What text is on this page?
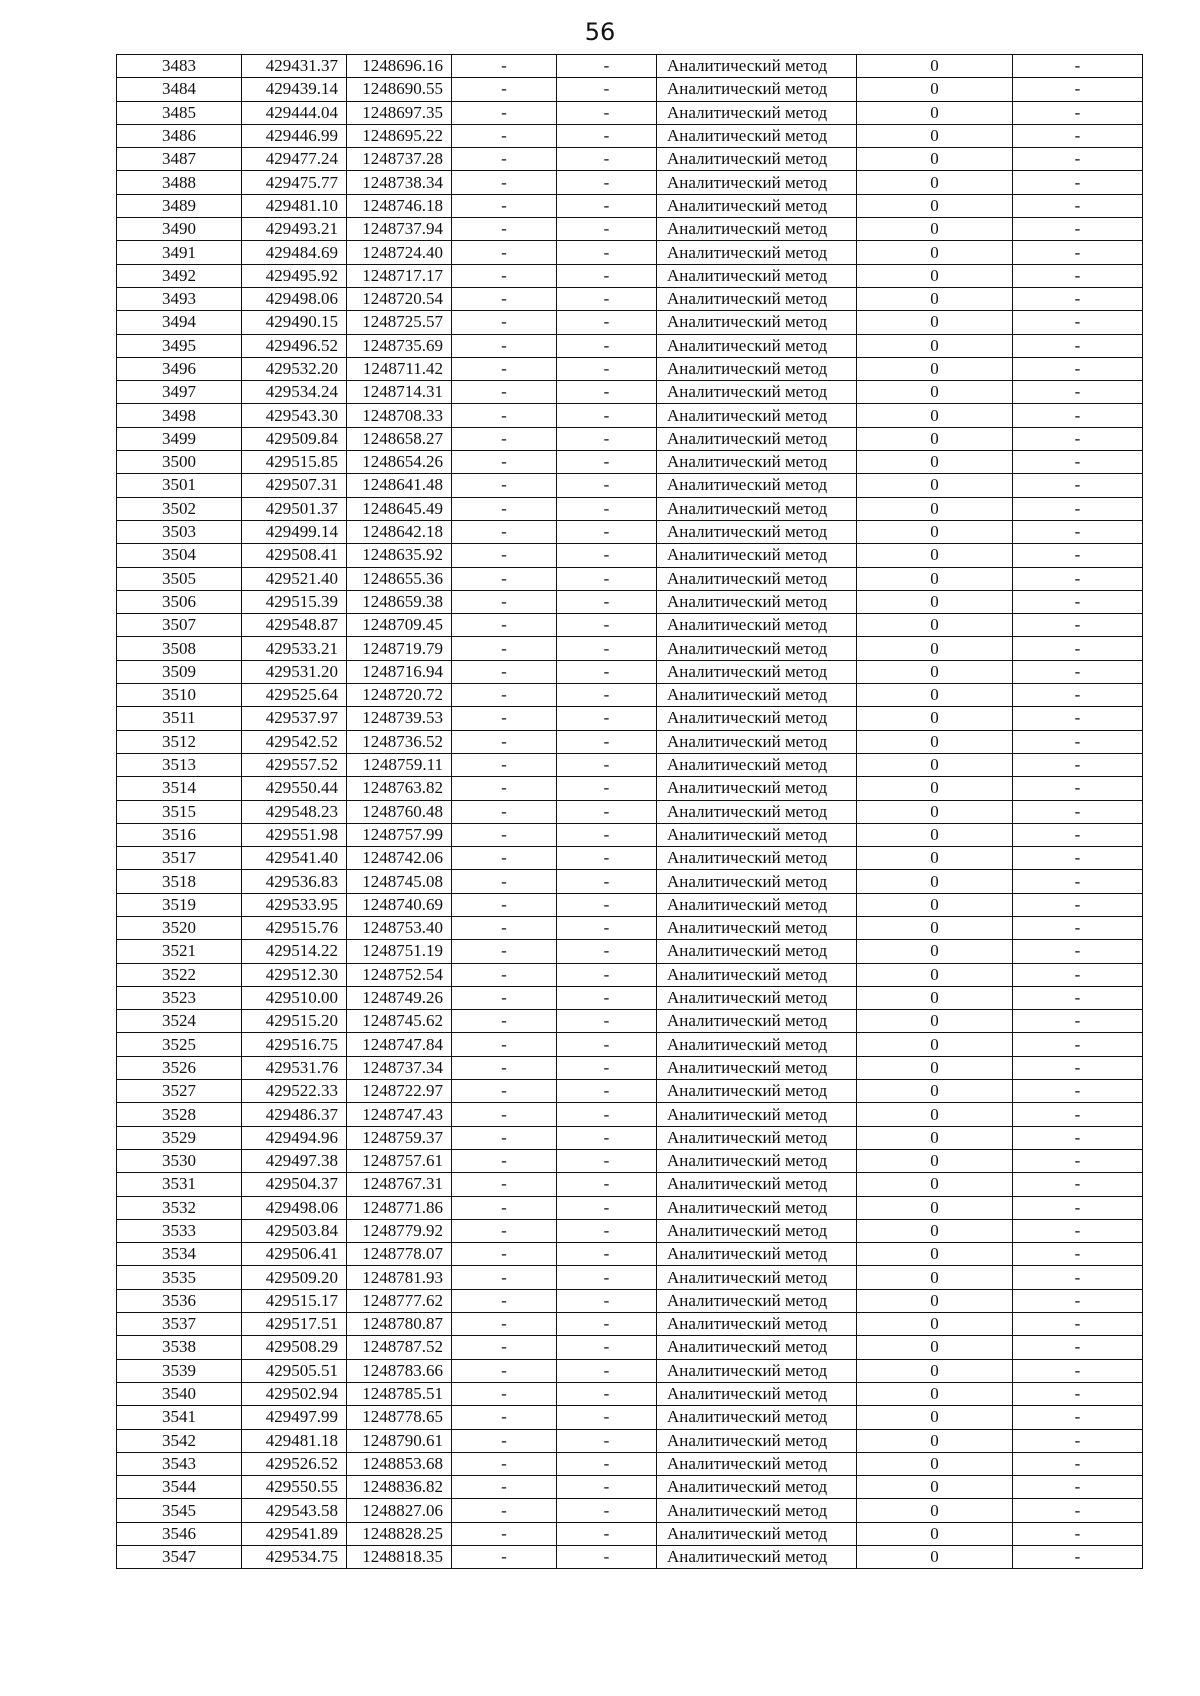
56
3483	429431.37	1248696.16	-	-	Аналитический метод	0	-
3484	429439.14	1248690.55	-	-	Аналитический метод	0	-
3485	429444.04	1248697.35	-	-	Аналитический метод	0	-
3486	429446.99	1248695.22	-	-	Аналитический метод	0	-
3487	429477.24	1248737.28	-	-	Аналитический метод	0	-
3488	429475.77	1248738.34	-	-	Аналитический метод	0	-
3489	429481.10	1248746.18	-	-	Аналитический метод	0	-
3490	429493.21	1248737.94	-	-	Аналитический метод	0	-
3491	429484.69	1248724.40	-	-	Аналитический метод	0	-
3492	429495.92	1248717.17	-	-	Аналитический метод	0	-
3493	429498.06	1248720.54	-	-	Аналитический метод	0	-
3494	429490.15	1248725.57	-	-	Аналитический метод	0	-
3495	429496.52	1248735.69	-	-	Аналитический метод	0	-
3496	429532.20	1248711.42	-	-	Аналитический метод	0	-
3497	429534.24	1248714.31	-	-	Аналитический метод	0	-
3498	429543.30	1248708.33	-	-	Аналитический метод	0	-
3499	429509.84	1248658.27	-	-	Аналитический метод	0	-
3500	429515.85	1248654.26	-	-	Аналитический метод	0	-
3501	429507.31	1248641.48	-	-	Аналитический метод	0	-
3502	429501.37	1248645.49	-	-	Аналитический метод	0	-
3503	429499.14	1248642.18	-	-	Аналитический метод	0	-
3504	429508.41	1248635.92	-	-	Аналитический метод	0	-
3505	429521.40	1248655.36	-	-	Аналитический метод	0	-
3506	429515.39	1248659.38	-	-	Аналитический метод	0	-
3507	429548.87	1248709.45	-	-	Аналитический метод	0	-
3508	429533.21	1248719.79	-	-	Аналитический метод	0	-
3509	429531.20	1248716.94	-	-	Аналитический метод	0	-
3510	429525.64	1248720.72	-	-	Аналитический метод	0	-
3511	429537.97	1248739.53	-	-	Аналитический метод	0	-
3512	429542.52	1248736.52	-	-	Аналитический метод	0	-
3513	429557.52	1248759.11	-	-	Аналитический метод	0	-
3514	429550.44	1248763.82	-	-	Аналитический метод	0	-
3515	429548.23	1248760.48	-	-	Аналитический метод	0	-
3516	429551.98	1248757.99	-	-	Аналитический метод	0	-
3517	429541.40	1248742.06	-	-	Аналитический метод	0	-
3518	429536.83	1248745.08	-	-	Аналитический метод	0	-
3519	429533.95	1248740.69	-	-	Аналитический метод	0	-
3520	429515.76	1248753.40	-	-	Аналитический метод	0	-
3521	429514.22	1248751.19	-	-	Аналитический метод	0	-
3522	429512.30	1248752.54	-	-	Аналитический метод	0	-
3523	429510.00	1248749.26	-	-	Аналитический метод	0	-
3524	429515.20	1248745.62	-	-	Аналитический метод	0	-
3525	429516.75	1248747.84	-	-	Аналитический метод	0	-
3526	429531.76	1248737.34	-	-	Аналитический метод	0	-
3527	429522.33	1248722.97	-	-	Аналитический метод	0	-
3528	429486.37	1248747.43	-	-	Аналитический метод	0	-
3529	429494.96	1248759.37	-	-	Аналитический метод	0	-
3530	429497.38	1248757.61	-	-	Аналитический метод	0	-
3531	429504.37	1248767.31	-	-	Аналитический метод	0	-
3532	429498.06	1248771.86	-	-	Аналитический метод	0	-
3533	429503.84	1248779.92	-	-	Аналитический метод	0	-
3534	429506.41	1248778.07	-	-	Аналитический метод	0	-
3535	429509.20	1248781.93	-	-	Аналитический метод	0	-
3536	429515.17	1248777.62	-	-	Аналитический метод	0	-
3537	429517.51	1248780.87	-	-	Аналитический метод	0	-
3538	429508.29	1248787.52	-	-	Аналитический метод	0	-
3539	429505.51	1248783.66	-	-	Аналитический метод	0	-
3540	429502.94	1248785.51	-	-	Аналитический метод	0	-
3541	429497.99	1248778.65	-	-	Аналитический метод	0	-
3542	429481.18	1248790.61	-	-	Аналитический метод	0	-
3543	429526.52	1248853.68	-	-	Аналитический метод	0	-
3544	429550.55	1248836.82	-	-	Аналитический метод	0	-
3545	429543.58	1248827.06	-	-	Аналитический метод	0	-
3546	429541.89	1248828.25	-	-	Аналитический метод	0	-
3547	429534.75	1248818.35	-	-	Аналитический метод	0	-
